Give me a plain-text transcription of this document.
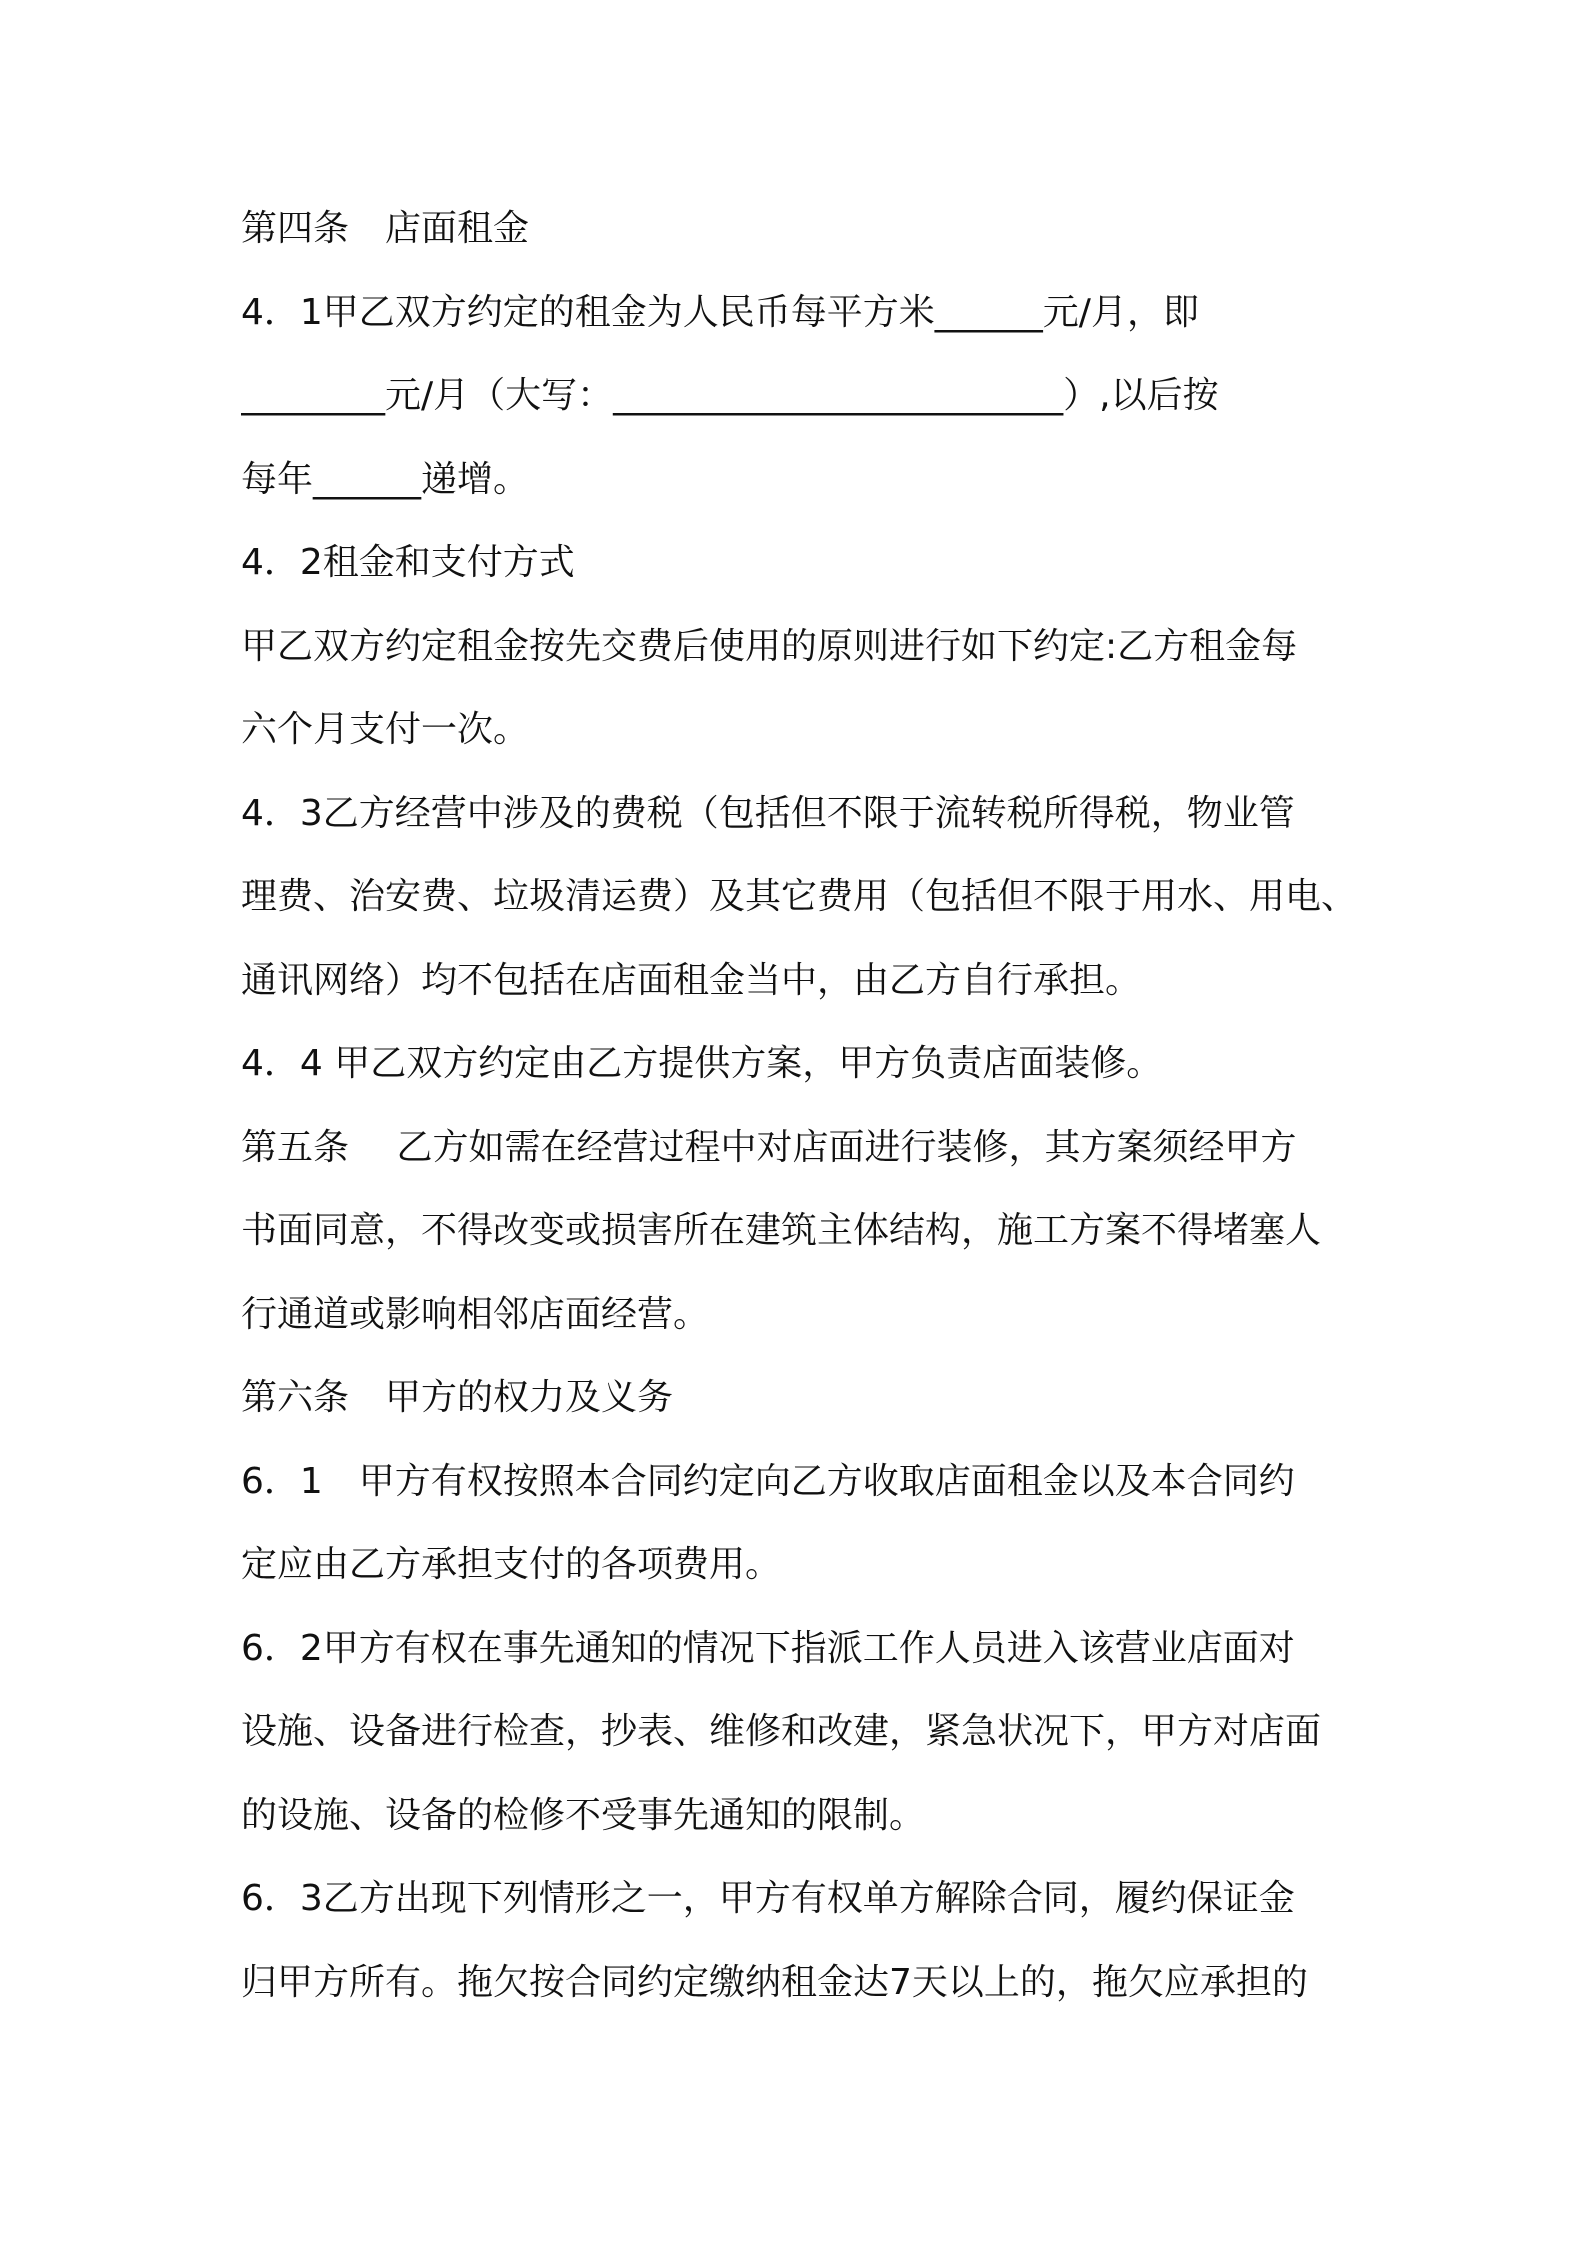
第四条　店面租金
4．1甲乙双方约定的租金为人民币每平方米______元/月，即
________元/月（大写：_________________________）,以后按
每年______递增。
4．2租金和支付方式
甲乙双方约定租金按先交费后使用的原则进行如下约定:乙方租金每
六个月支付一次。
4．3乙方经营中涉及的费税（包括但不限于流转税所得税，物业管
理费、治安费、垃圾清运费）及其它费用（包括但不限于用水、用电、
通讯网络）均不包括在店面租金当中，由乙方自行承担。
4．4 甲乙双方约定由乙方提供方案，甲方负责店面装修。
第五条　 乙方如需在经营过程中对店面进行装修，其方案须经甲方
书面同意，不得改变或损害所在建筑主体结构，施工方案不得堵塞人
行通道或影响相邻店面经营。
第六条　甲方的权力及义务
6．1　甲方有权按照本合同约定向乙方收取店面租金以及本合同约
定应由乙方承担支付的各项费用。
6．2甲方有权在事先通知的情况下指派工作人员进入该营业店面对
设施、设备进行检查，抄表、维修和改建，紧急状况下，甲方对店面
的设施、设备的检修不受事先通知的限制。
6．3乙方出现下列情形之一，甲方有权单方解除合同，履约保证金
归甲方所有。拖欠按合同约定缴纳租金达7天以上的，拖欠应承担的
